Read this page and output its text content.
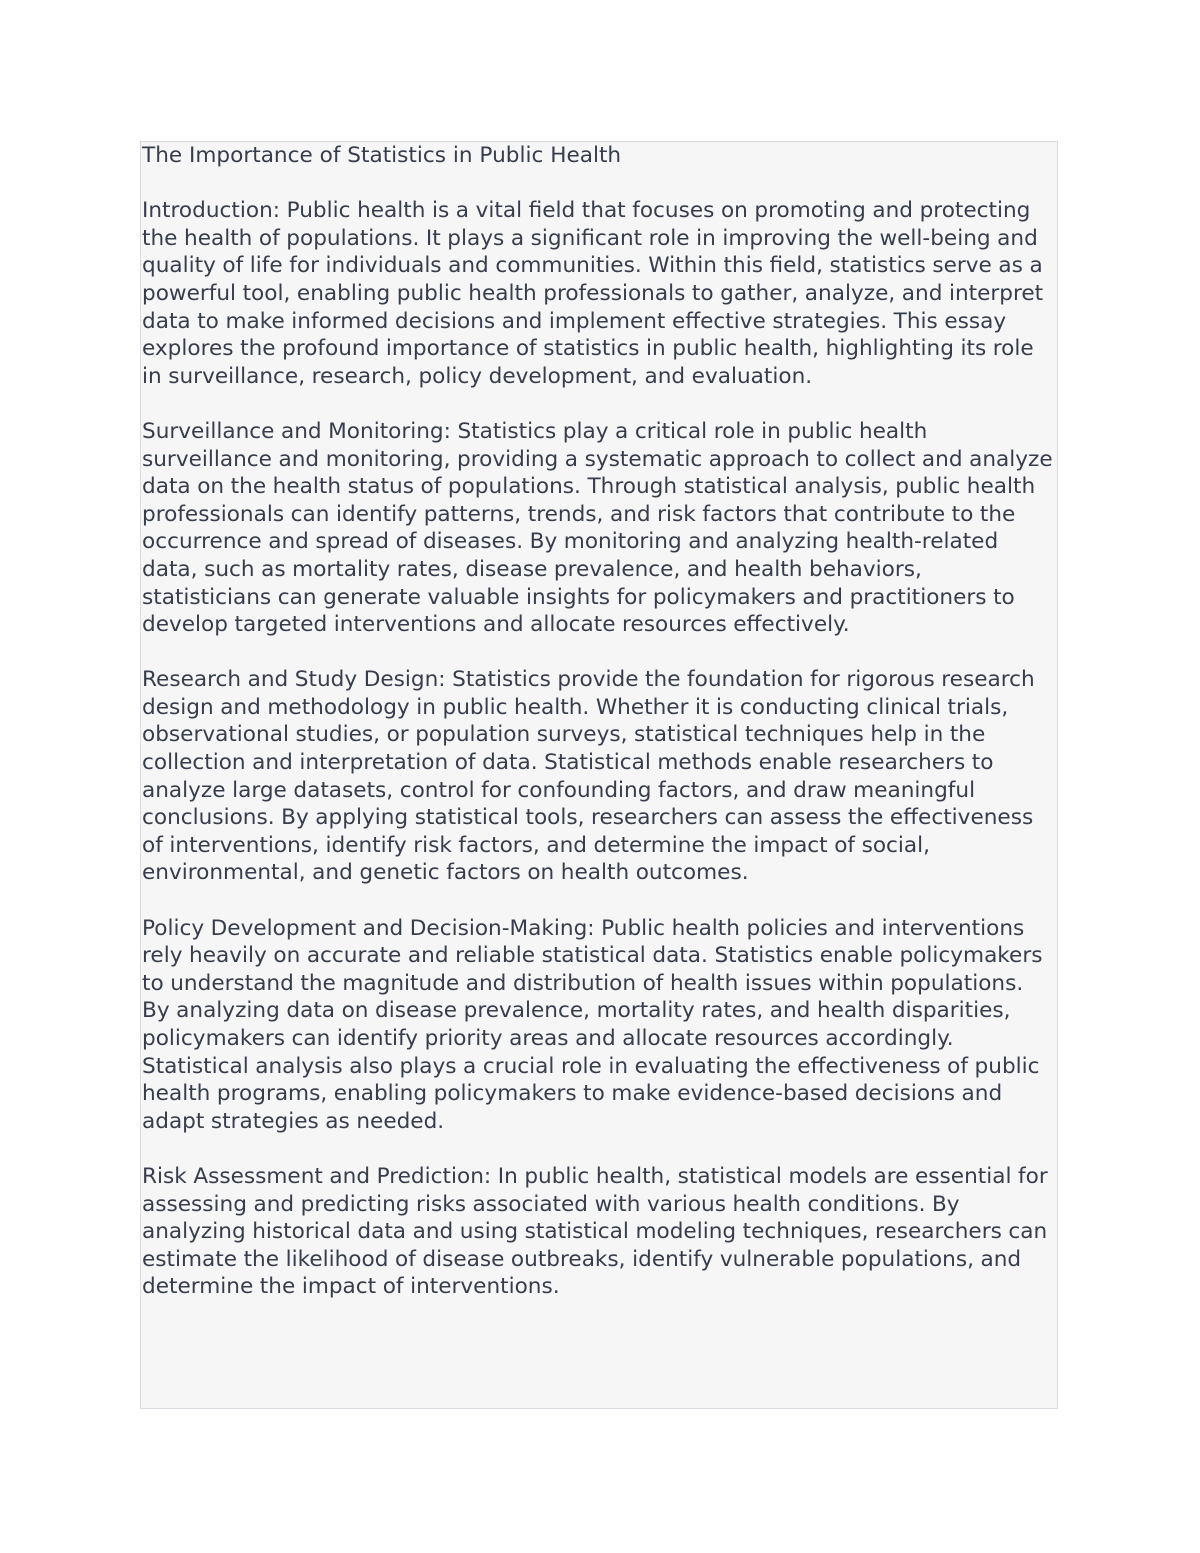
The Importance of Statistics in Public Health

Introduction: Public health is a vital field that focuses on promoting and protecting the health of populations. It plays a significant role in improving the well-being and quality of life for individuals and communities. Within this field, statistics serve as a powerful tool, enabling public health professionals to gather, analyze, and interpret data to make informed decisions and implement effective strategies. This essay explores the profound importance of statistics in public health, highlighting its role in surveillance, research, policy development, and evaluation.

Surveillance and Monitoring: Statistics play a critical role in public health surveillance and monitoring, providing a systematic approach to collect and analyze data on the health status of populations. Through statistical analysis, public health professionals can identify patterns, trends, and risk factors that contribute to the occurrence and spread of diseases. By monitoring and analyzing health-related data, such as mortality rates, disease prevalence, and health behaviors, statisticians can generate valuable insights for policymakers and practitioners to develop targeted interventions and allocate resources effectively.

Research and Study Design: Statistics provide the foundation for rigorous research design and methodology in public health. Whether it is conducting clinical trials, observational studies, or population surveys, statistical techniques help in the collection and interpretation of data. Statistical methods enable researchers to analyze large datasets, control for confounding factors, and draw meaningful conclusions. By applying statistical tools, researchers can assess the effectiveness of interventions, identify risk factors, and determine the impact of social, environmental, and genetic factors on health outcomes.

Policy Development and Decision-Making: Public health policies and interventions rely heavily on accurate and reliable statistical data. Statistics enable policymakers to understand the magnitude and distribution of health issues within populations. By analyzing data on disease prevalence, mortality rates, and health disparities, policymakers can identify priority areas and allocate resources accordingly. Statistical analysis also plays a crucial role in evaluating the effectiveness of public health programs, enabling policymakers to make evidence-based decisions and adapt strategies as needed.

Risk Assessment and Prediction: In public health, statistical models are essential for assessing and predicting risks associated with various health conditions. By analyzing historical data and using statistical modeling techniques, researchers can estimate the likelihood of disease outbreaks, identify vulnerable populations, and determine the impact of interventions.
